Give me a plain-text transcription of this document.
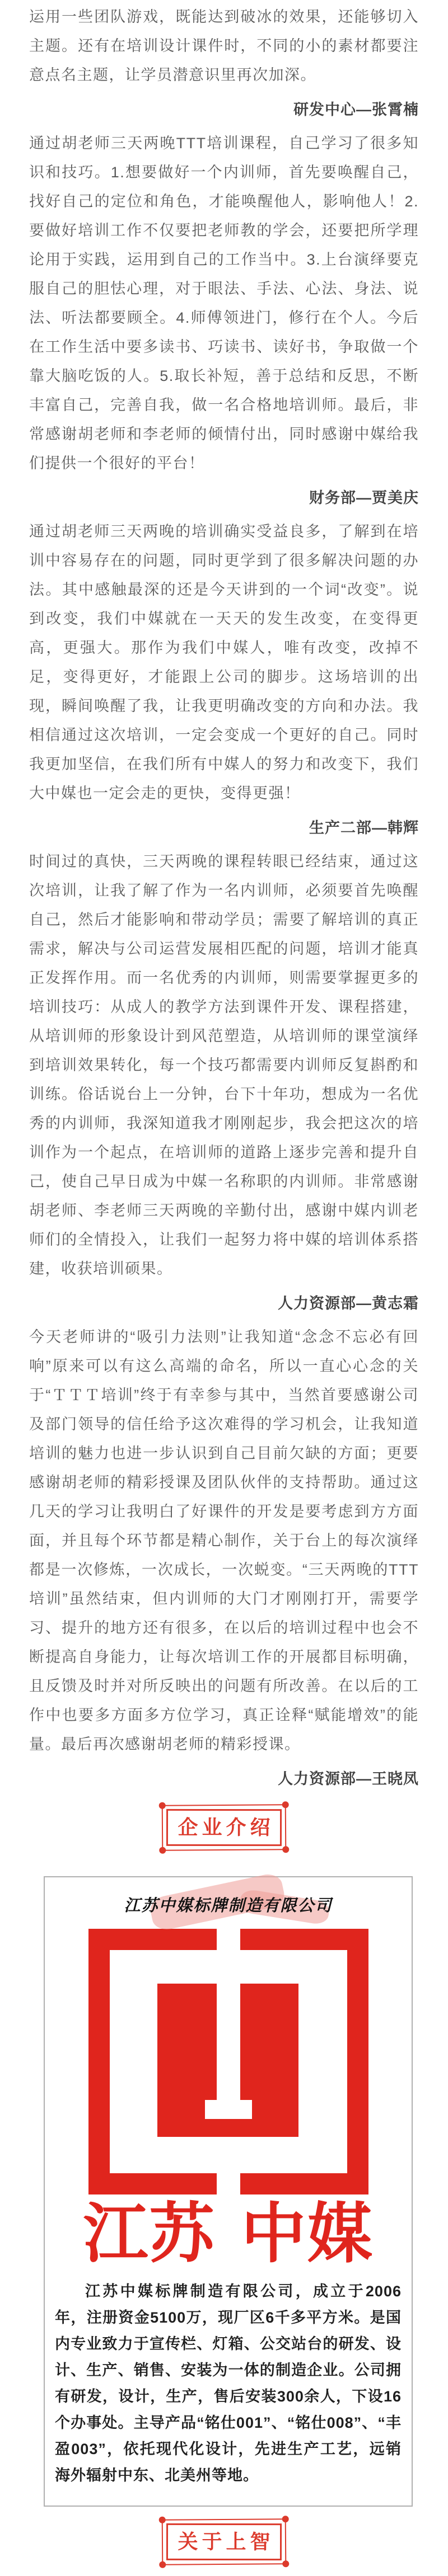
运用一些团队游戏，既能达到破冰的效果，还能够切入主题。还有在培训设计课件时，不同的小的素材都要注意点名主题，让学员潜意识里再次加深。

研发中心—张霄楠

通过胡老师三天两晚TTT培训课程，自己学习了很多知识和技巧。1.想要做好一个内训师，首先要唤醒自己，找好自己的定位和角色，才能唤醒他人，影响他人！2.要做好培训工作不仅要把老师教的学会，还要把所学理论用于实践，运用到自己的工作当中。3.上台演绎要克服自己的胆怯心理，对于眼法、手法、心法、身法、说法、听法都要顾全。4.师傅领进门，修行在个人。今后在工作生活中要多读书、巧读书、读好书，争取做一个靠大脑吃饭的人。5.取长补短，善于总结和反思，不断丰富自己，完善自我，做一名合格地培训师。最后，非常感谢胡老师和李老师的倾情付出，同时感谢中媒给我们提供一个很好的平台！

财务部—贾美庆

通过胡老师三天两晚的培训确实受益良多，了解到在培训中容易存在的问题，同时更学到了很多解决问题的办法。其中感触最深的还是今天讲到的一个词“改变”。说到改变，我们中媒就在一天天的发生改变，在变得更高，更强大。那作为我们中媒人，唯有改变，改掉不足，变得更好，才能跟上公司的脚步。这场培训的出现，瞬间唤醒了我，让我更明确改变的方向和办法。我相信通过这次培训，一定会变成一个更好的自己。同时我更加坚信，在我们所有中媒人的努力和改变下，我们大中媒也一定会走的更快，变得更强！

生产二部—韩辉

时间过的真快，三天两晚的课程转眼已经结束，通过这次培训，让我了解了作为一名内训师，必须要首先唤醒自己，然后才能影响和带动学员；需要了解培训的真正需求，解决与公司运营发展相匹配的问题，培训才能真正发挥作用。而一名优秀的内训师，则需要掌握更多的培训技巧：从成人的教学方法到课件开发、课程搭建，从培训师的形象设计到风范塑造，从培训师的课堂演绎到培训效果转化，每一个技巧都需要内训师反复斟酌和训练。俗话说台上一分钟，台下十年功，想成为一名优秀的内训师，我深知道我才刚刚起步，我会把这次的培训作为一个起点，在培训师的道路上逐步完善和提升自己，使自己早日成为中媒一名称职的内训师。非常感谢胡老师、李老师三天两晚的辛勤付出，感谢中媒内训老师们的全情投入，让我们一起努力将中媒的培训体系搭建，收获培训硕果。

人力资源部—黄志霜

今天老师讲的“吸引力法则”让我知道“念念不忘必有回响”原来可以有这么高端的命名，所以一直心心念的关于“ＴＴＴ培训”终于有幸参与其中，当然首要感谢公司及部门领导的信任给予这次难得的学习机会，让我知道培训的魅力也进一步认识到自己目前欠缺的方面；更要感谢胡老师的精彩授课及团队伙伴的支持帮助。通过这几天的学习让我明白了好课件的开发是要考虑到方方面面，并且每个环节都是精心制作，关于台上的每次演绎都是一次修炼，一次成长，一次蜕变。“三天两晚的TTT培训”虽然结束，但内训师的大门才刚刚打开，需要学习、提升的地方还有很多，在以后的培训过程中也会不断提高自身能力，让每次培训工作的开展都目标明确，且反馈及时并对所反映出的问题有所改善。在以后的工作中也要多方面多方位学习，真正诠释“赋能增效”的能量。最后再次感谢胡老师的精彩授课。

人力资源部—王晓凤

企业介绍
江苏中媒标牌制造有限公司
江苏 中媒

江苏中媒标牌制造有限公司，成立于2006年，注册资金5100万，现厂区6千多平方米。是国内专业致力于宣传栏、灯箱、公交站台的研发、设计、生产、销售、安装为一体的制造企业。公司拥有研发，设计，生产，售后安装300余人，下设16个办事处。主导产品“铭仕001”、“铭仕008”、“丰盈003”，依托现代化设计，先进生产工艺，远销海外辐射中东、北美州等地。

关于上智
